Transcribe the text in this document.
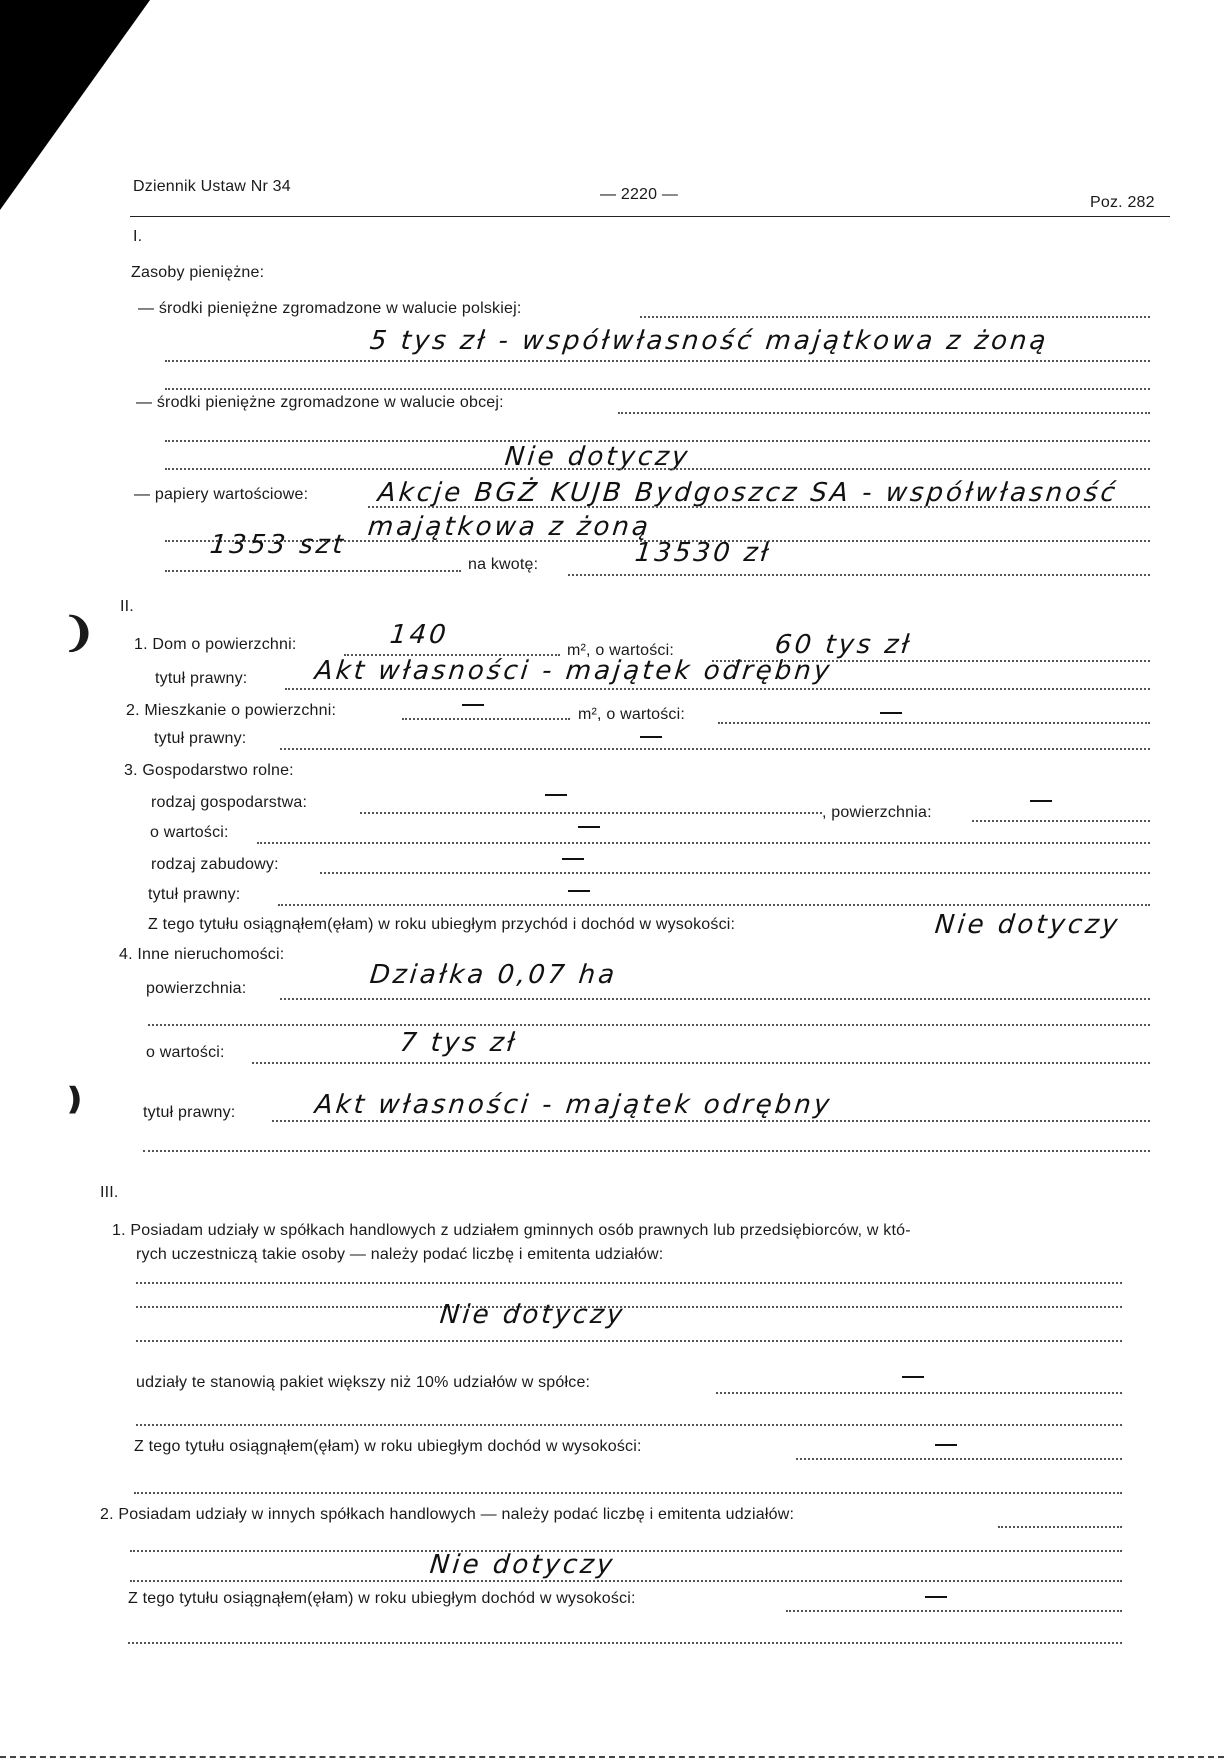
Dziennik Ustaw Nr 34	— 2220 —	Poz. 282
I.
Zasoby pieniężne:
— środki pieniężne zgromadzone w walucie polskiej:
5 tys zł - współwłasność majątkowa z żoną
— środki pieniężne zgromadzone w walucie obcej:
Nie dotyczy
— papiery wartościowe:	Akcje BGŻ KUJB Bydgoszcz SA - współwłasność
majątkowa z żoną
1353 szt
na kwotę:	13530 zł
❩
II.
1. Dom o powierzchni:	140
m², o wartości:	60 tys zł
tytuł prawny:	Akt własności - majątek odrębny
2. Mieszkanie o powierzchni:	m², o wartości:
tytuł prawny:
3. Gospodarstwo rolne:
rodzaj gospodarstwa:
, powierzchnia:
o wartości:
rodzaj zabudowy:
tytuł prawny:
Z tego tytułu osiągnąłem(ęłam) w roku ubiegłym przychód i dochód w wysokości:	Nie dotyczy
4. Inne nieruchomości:
powierzchnia:	Działka 0,07 ha
o wartości:	7 tys zł
❫	tytuł prawny:	Akt własności - majątek odrębny
III.
1. Posiadam udziały w spółkach handlowych z udziałem gminnych osób prawnych lub przedsiębiorców, w któ-
rych uczestniczą takie osoby — należy podać liczbę i emitenta udziałów:
Nie dotyczy
udziały te stanowią pakiet większy niż 10% udziałów w spółce:
Z tego tytułu osiągnąłem(ęłam) w roku ubiegłym dochód w wysokości:
2. Posiadam udziały w innych spółkach handlowych — należy podać liczbę i emitenta udziałów:
Nie dotyczy
Z tego tytułu osiągnąłem(ęłam) w roku ubiegłym dochód w wysokości:
